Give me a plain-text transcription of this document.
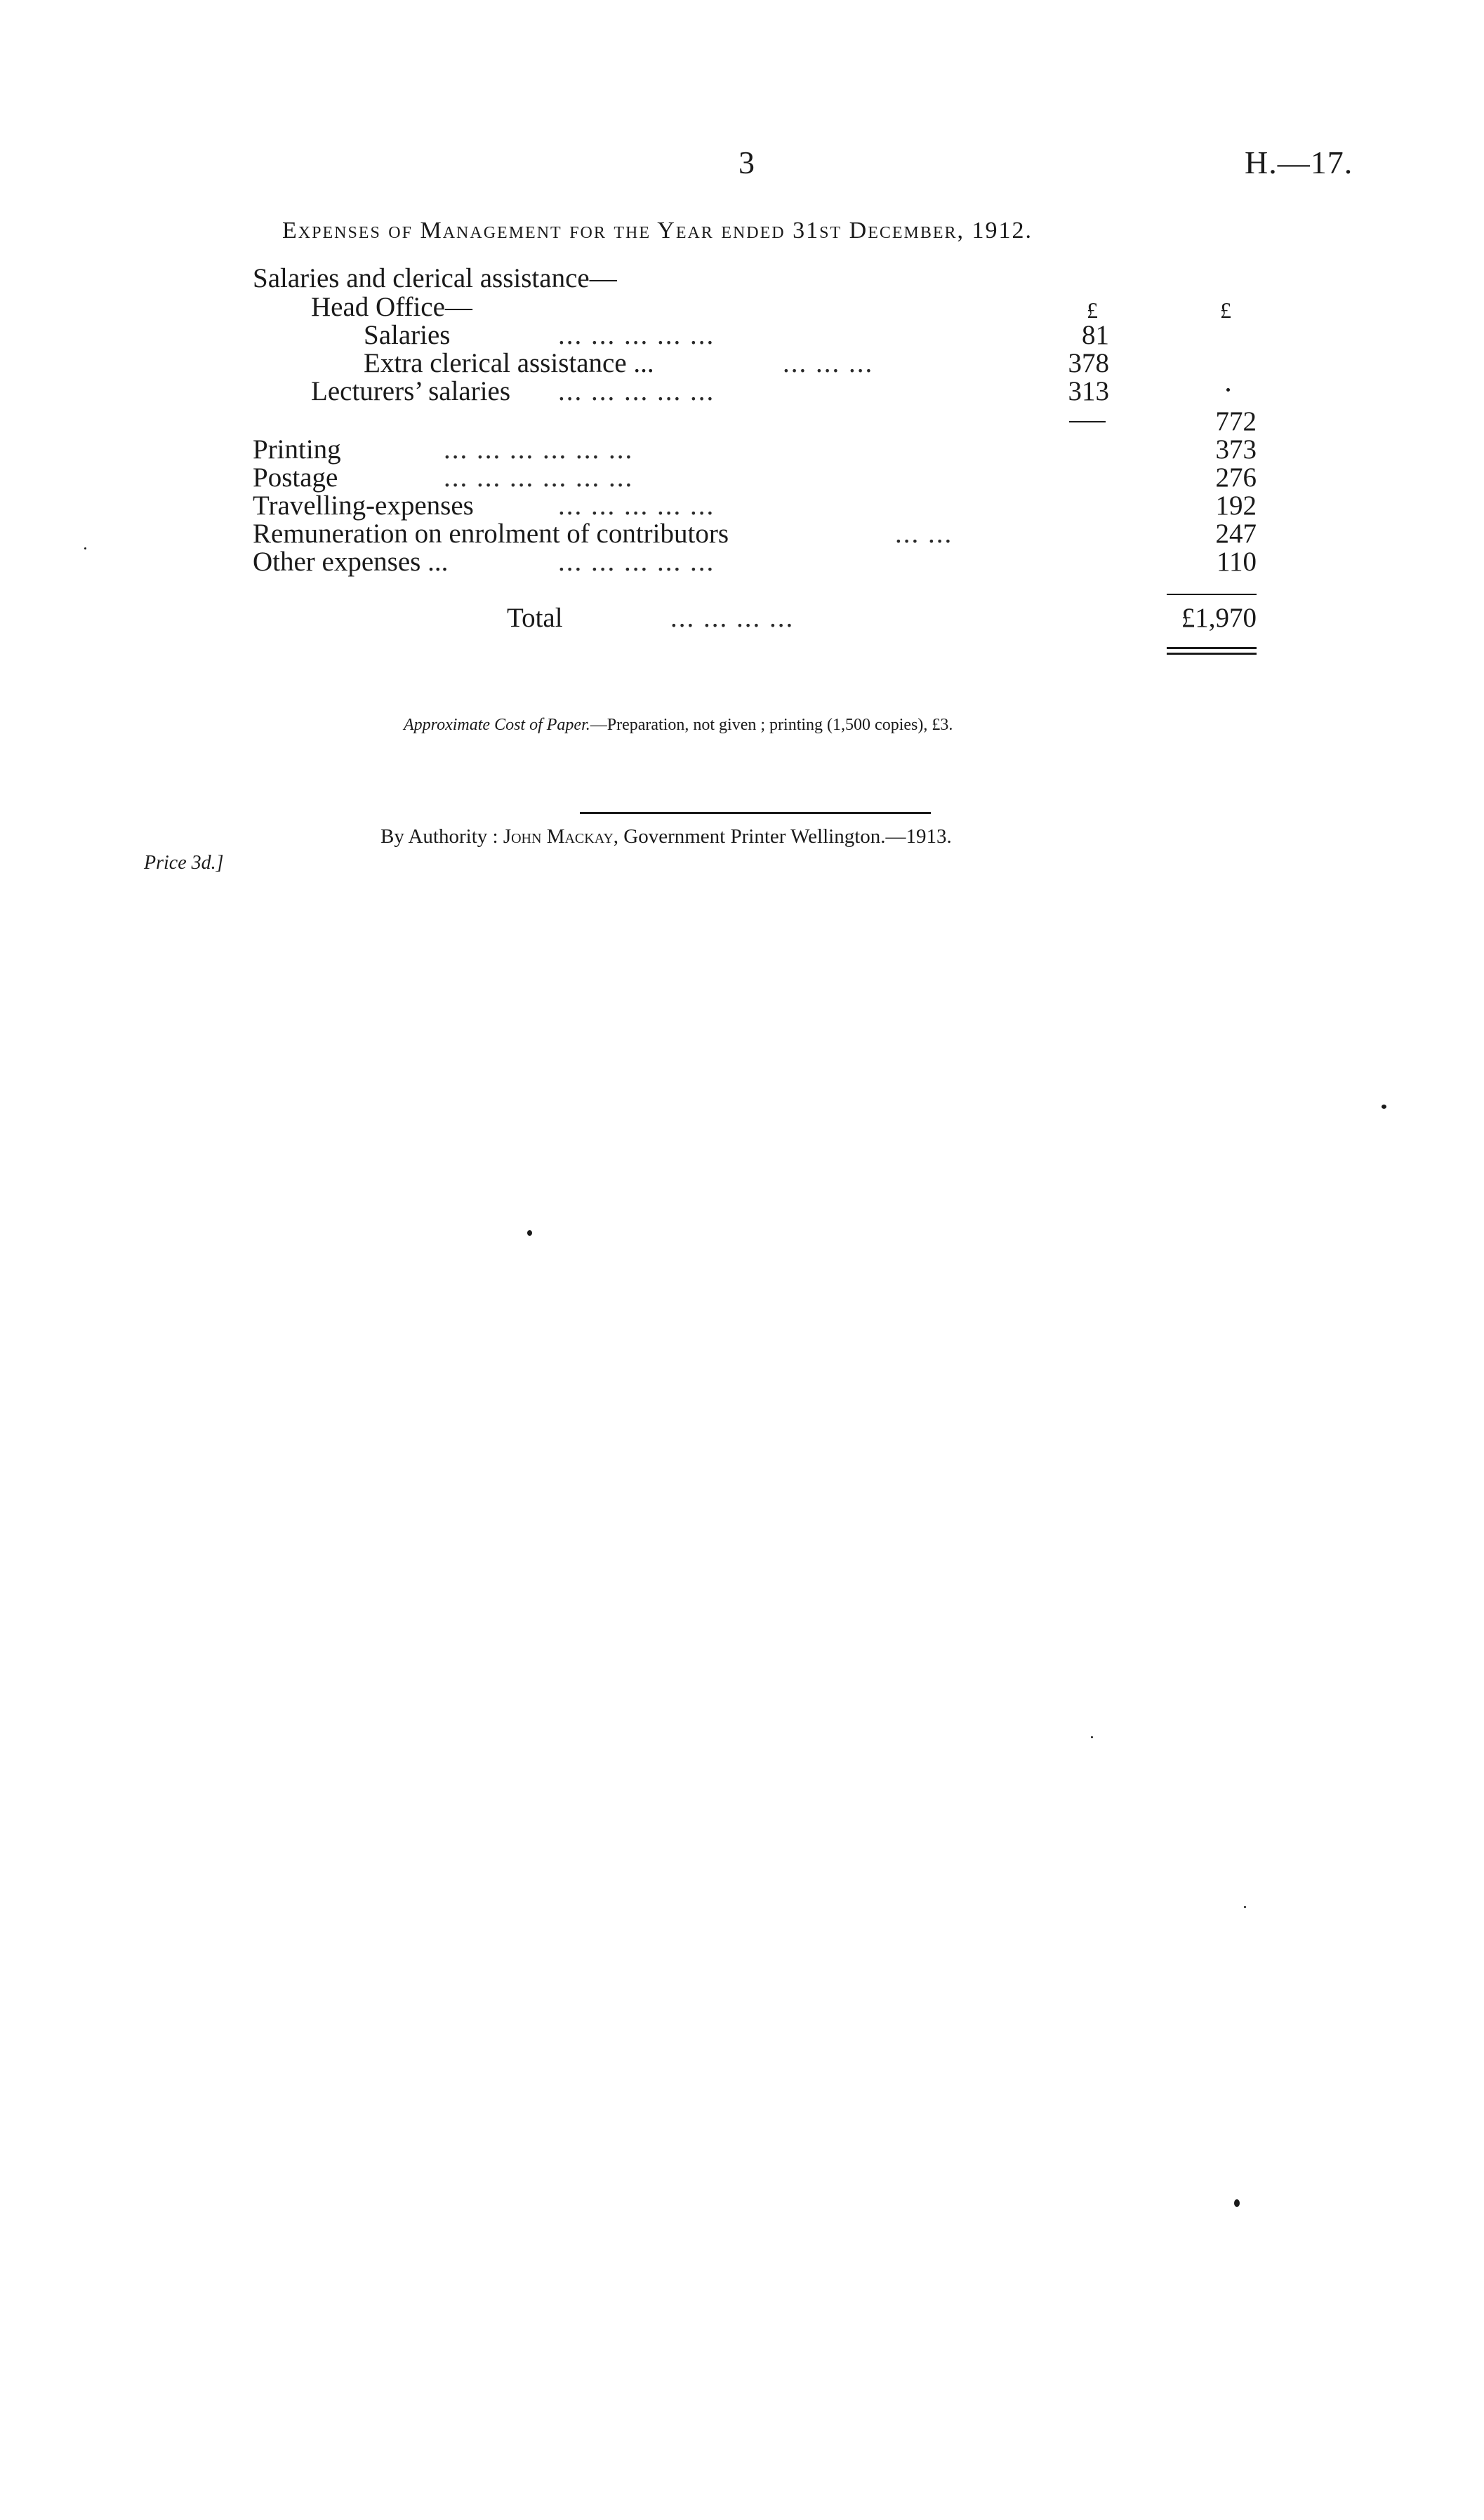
3	H.—17.
Expenses of Management for the Year ended 31st December, 1912.
Salaries and clerical assistance—
Head Office—	£	£
Salaries	... ... ... ... ...	81
Extra clerical assistance ...	... ... ...	378
Lecturers’ salaries ... ... ... ... ...	313
772
Printing	... ... ... ... ... ...	373
Postage	... ... ... ... ... ...	276
Travelling-expenses	... ... ... ... ...	192
Remuneration on enrolment of contributors	... ...	247
Other expenses ...	... ... ... ... ...	110
Total	... ... ... ...	£1,970
Approximate Cost of Paper.—Preparation, not given ; printing (1,500 copies), £3.
By Authority : John Mackay, Government Printer Wellington.—1913.
Price 3d.]
